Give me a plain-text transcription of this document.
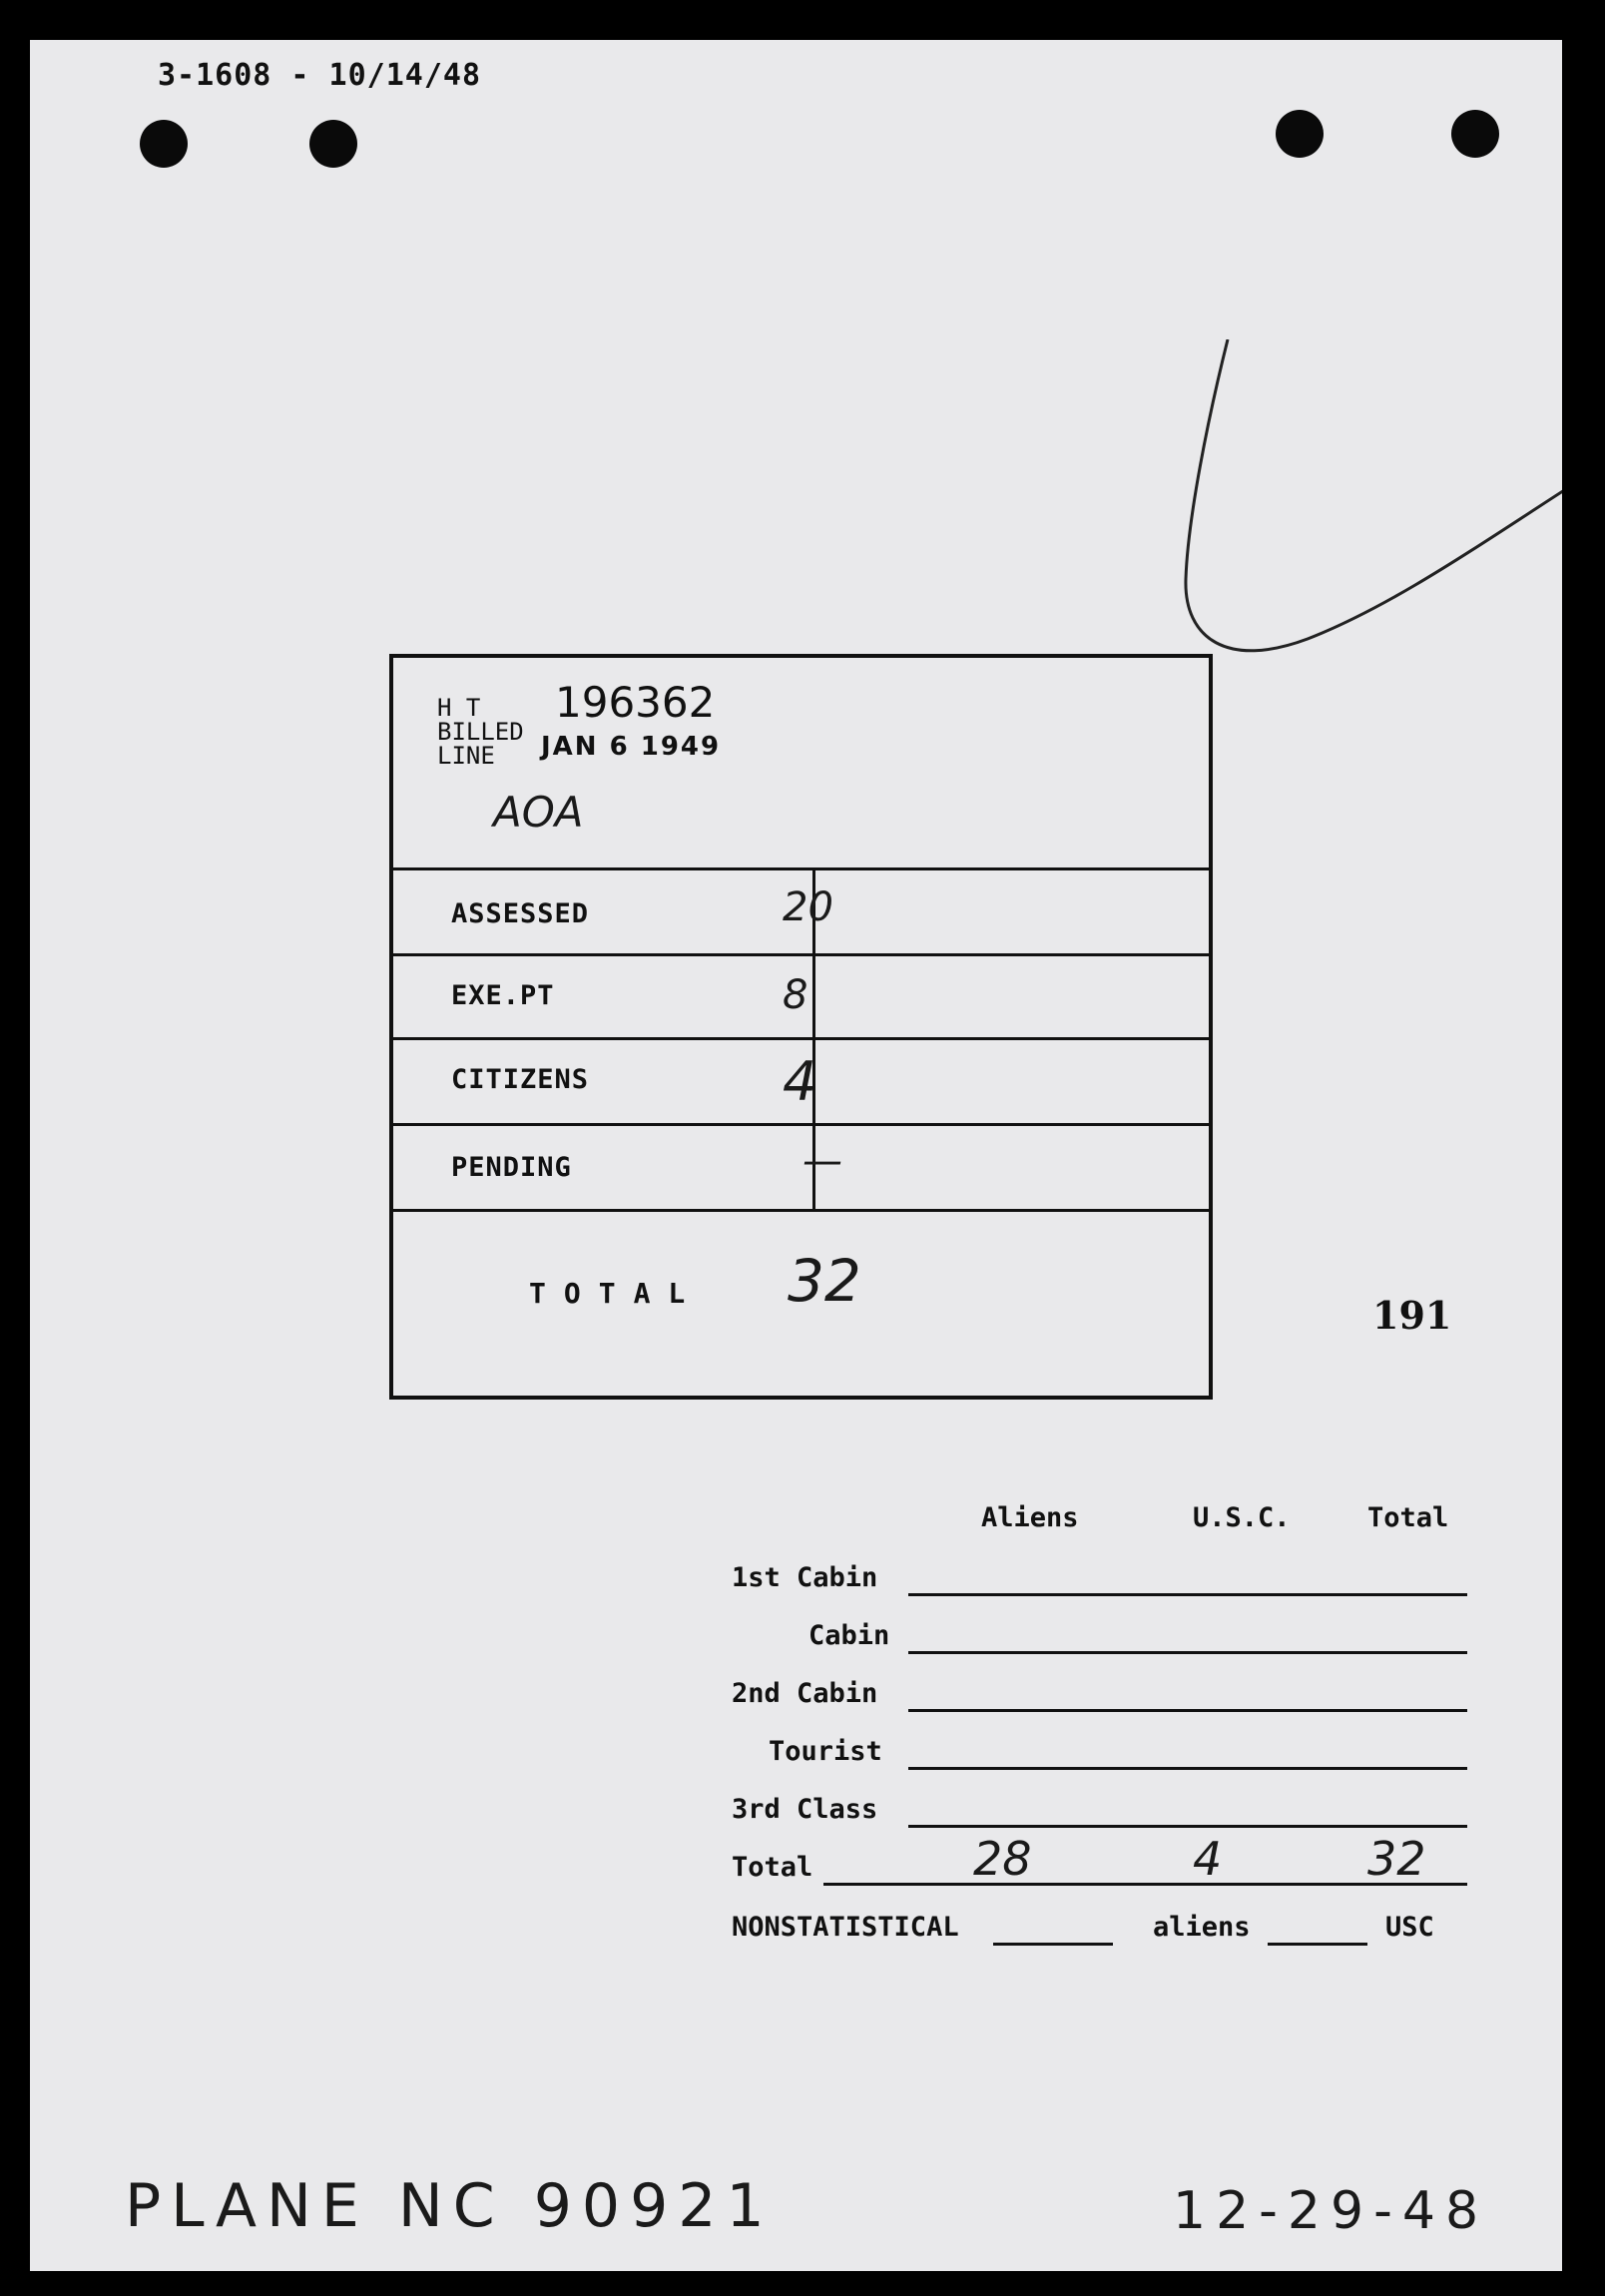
3-1608 - 10/14/48
H T
BILLED
LINE
196362
JAN 6 1949
AOA
ASSESSED	20
EXE.PT	8
CITIZENS	4
PENDING	—
TOTAL 32
191
Aliens	U.S.C.	Total
1st Cabin
Cabin
2nd Cabin
Tourist
3rd Class
Total	28	4	32
NONSTATISTICAL	aliens	USC
PLANE NC 90921	12-29-48
